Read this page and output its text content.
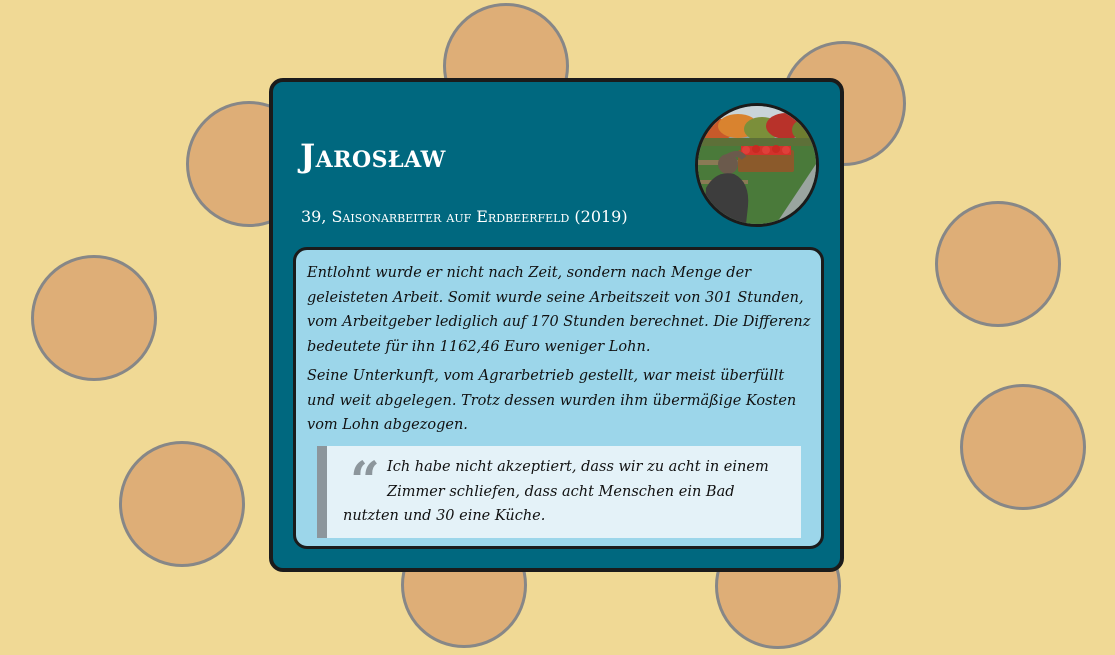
Jarosław

39, Saisonarbeiter auf Erdbeerfeld (2019)

Entlohnt wurde er nicht nach Zeit, sondern nach Menge der geleisteten Arbeit. Somit wurde seine Arbeitszeit von 301 Stunden, vom Arbeitgeber lediglich auf 170 Stunden berechnet. Die Differenz bedeutete für ihn 1162,46 Euro weniger Lohn.

Seine Unterkunft, vom Agrarbetrieb gestellt, war meist überfüllt und weit abgelegen. Trotz dessen wurden ihm übermäßige Kosten vom Lohn abgezogen.

“ Ich habe nicht akzeptiert, dass wir zu acht in einem Zimmer schliefen, dass acht Menschen ein Bad nutzten und 30 eine Küche.
